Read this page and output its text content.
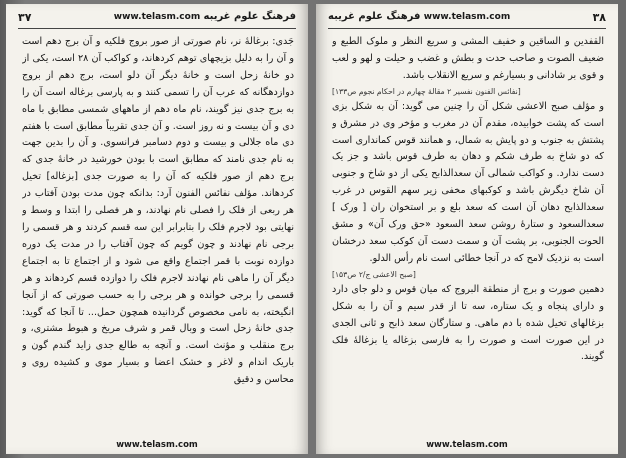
۳۷	www.telasm.com فرهنگ علوم غریبه

جَدی: برغالهٔ نر، نام صورتی از صور بروج فلکیه و آن برج دهم است و آن را به دلیل بزیچهای توهم کردهاند، و کواکب آن ۲۸ است، یکی از دو خانهٔ زحل است و خانهٔ دیگر آن دلو است، برج دهم از بروج دوازدهگانه که عرب آن را تسمی کنند و به پارسی برغاله است آن را به برج جدی نیز گویند، نام ماه دهم از ماههای شمسی مطابق با ماه دی و آن بیست و نه روز است. و آن جدی تقریباً مطابق است با هفتم دی ماه جلالی و بیست و دوم دسامبر فرانسوی. و آن را بدین جهت به نام جدی نامند که مطابق است با بودن خورشید در خانهٔ جدی که برج دهم از صور فلکیه که آن را به صورت جدی [بزغاله] تخیل کردهاند. مؤلف نفائس الفنون آرد: بدانکه چون مدت بودن آفتاب در هر ربعی از فلک را فصلی نام نهادند، و هر فصلی را ابتدا و وسط و نهایتی بود لاجرم فلک را بتابرابر این سه قسم کردند و هر قسمی را برجی نام نهادند و چون گویم که چون آفتاب را در مدت یک دوره دوازده نوبت با قمر اجتماع واقع می شود و از اجتماع تا به اجتماع دیگر آن را ماهی نام نهادند لاجرم فلک را دوازده قسم کردهاند و هر قسمی را برجی خوانده و هر برجی را به حسب صورتی که از آنجا انگیخته، به نامی مخصوص گردانیده همچون حمل... تا آنجا که گوید: جدی خانهٔ زحل است و وبال قمر و شرف مریخ و هبوط مشتری، و برج منقلب و مؤنث است. و آنچه به طالع جدی زاید گندم گون و باریک اندام و لاغر و خشک اعضا و بسیار موی و کشیده روی و محاسن و دقیق

www.telasm.com
۳۸
www.telasm.com
فرهنگ علوم غریبه

القفدین و الساقین و خفیف المشی و سریع النظر و ملوک الطبع و ضعیف الصوت و صاحب حدت و بطش و غضب و حیلت و لهو و لعب و قوی بر شادانی و بسیارغم و سریع الانقلاب باشد.

[نفائس الفنون نفسیر ۲ مقالهٔ چهارم در احکام نجوم ص۱۳۳]

و مؤلف صبح الاعشی شکل آن را چنین می گوید: آن به شکل بزی است که پشت خوابیده، مقدم آن در مغرب و مؤخر وی در مشرق و پشتش به جنوب و دو پایش به شمال، و همانند قوس کمانداری است که دو شاخ به طرف شکم و دهان به طرف قوس باشد و جز یک دست ندارد. و کواکب شمالی آن سعدالذابح یکی از دو شاخ و جنوبی آن شاخ دیگرش باشد و کوکبهای مخفی زیر سهم القوس در غرب سعدالذابح دهان آن است که سعد بلع و بر استخوان ران [ ورک ] سعدالسعود و ستارهٔ روشن سعد السعود «حق ورک آن» و مشق الحوت الجنوبی، بر پشت آن و سمت دست آن کوکب سعد درخشان است به نزدیک لامح که در آنجا خطائی است نام رأس الدلو.

[صبح الاعشی ج/۲ ص۱۵۳]

دهمین صورت و برج از منطقة البروج که میان قوس و دلو جای دارد و دارای پنجاه و یک ستاره، سه تا از قدر سیم و آن را به شکل بزغالهای تخیل شده با دم ماهی. و ستارگان سعد ذابح و ثانی الجدی در این صورت است و صورت را به فارسی بزغاله یا بزغالهٔ فلک گویند.

www.telasm.com
